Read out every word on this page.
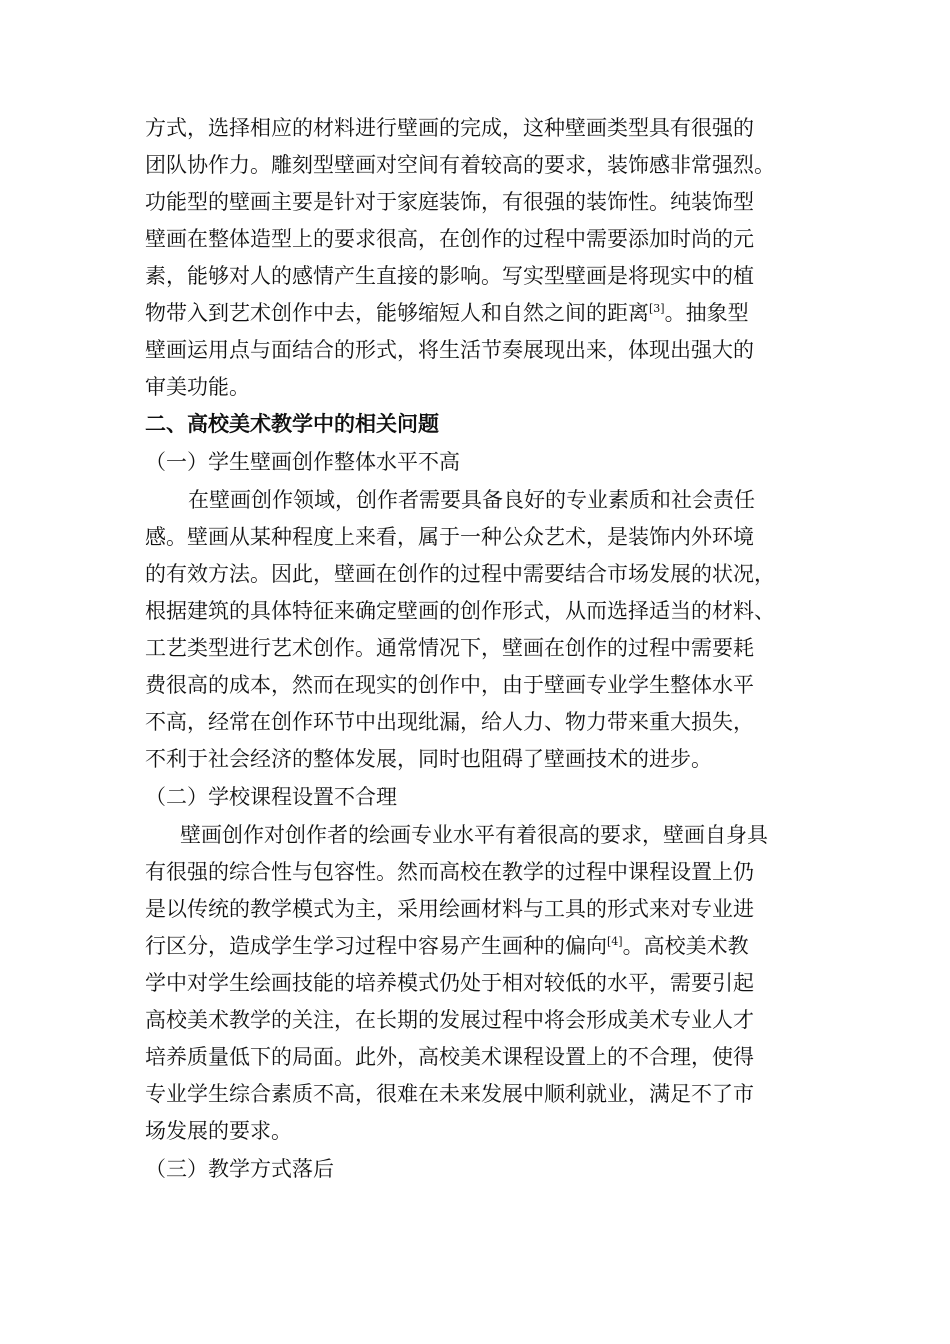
方式，选择相应的材料进行壁画的完成，这种壁画类型具有很强的
团队协作力。雕刻型壁画对空间有着较高的要求，装饰感非常强烈。
功能型的壁画主要是针对于家庭装饰，有很强的装饰性。纯装饰型
壁画在整体造型上的要求很高，在创作的过程中需要添加时尚的元
素，能够对人的感情产生直接的影响。写实型壁画是将现实中的植
物带入到艺术创作中去，能够缩短人和自然之间的距离[3]。抽象型
壁画运用点与面结合的形式，将生活节奏展现出来，体现出强大的
审美功能。
二、高校美术教学中的相关问题
（一）学生壁画创作整体水平不高
在壁画创作领域，创作者需要具备良好的专业素质和社会责任
感。壁画从某种程度上来看，属于一种公众艺术，是装饰内外环境
的有效方法。因此，壁画在创作的过程中需要结合市场发展的状况，
根据建筑的具体特征来确定壁画的创作形式，从而选择适当的材料、
工艺类型进行艺术创作。通常情况下，壁画在创作的过程中需要耗
费很高的成本，然而在现实的创作中，由于壁画专业学生整体水平
不高，经常在创作环节中出现纰漏，给人力、物力带来重大损失，
不利于社会经济的整体发展，同时也阻碍了壁画技术的进步。
（二）学校课程设置不合理
壁画创作对创作者的绘画专业水平有着很高的要求，壁画自身具
有很强的综合性与包容性。然而高校在教学的过程中课程设置上仍
是以传统的教学模式为主，采用绘画材料与工具的形式来对专业进
行区分，造成学生学习过程中容易产生画种的偏向[4]。高校美术教
学中对学生绘画技能的培养模式仍处于相对较低的水平，需要引起
高校美术教学的关注，在长期的发展过程中将会形成美术专业人才
培养质量低下的局面。此外，高校美术课程设置上的不合理，使得
专业学生综合素质不高，很难在未来发展中顺利就业，满足不了市
场发展的要求。
（三）教学方式落后
